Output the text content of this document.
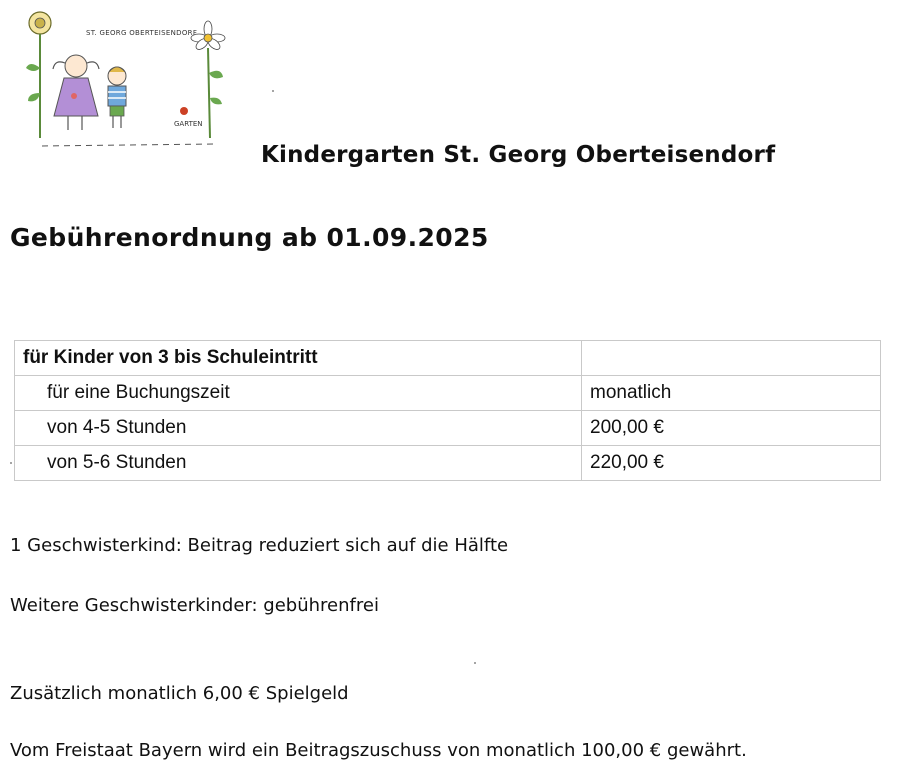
ST. GEORG OBERTEISENDORF
GARTEN
Kindergarten St. Georg Oberteisendorf
Gebührenordnung ab 01.09.2025
für Kinder von 3 bis Schuleintritt	
für eine Buchungszeit	monatlich
von 4-5 Stunden	200,00 €
von 5-6 Stunden	220,00 €

1 Geschwisterkind: Beitrag reduziert sich auf die Hälfte

Weitere Geschwisterkinder: gebührenfrei

Zusätzlich monatlich 6,00 € Spielgeld

Vom Freistaat Bayern wird ein Beitragszuschuss von monatlich 100,00 € gewährt.
